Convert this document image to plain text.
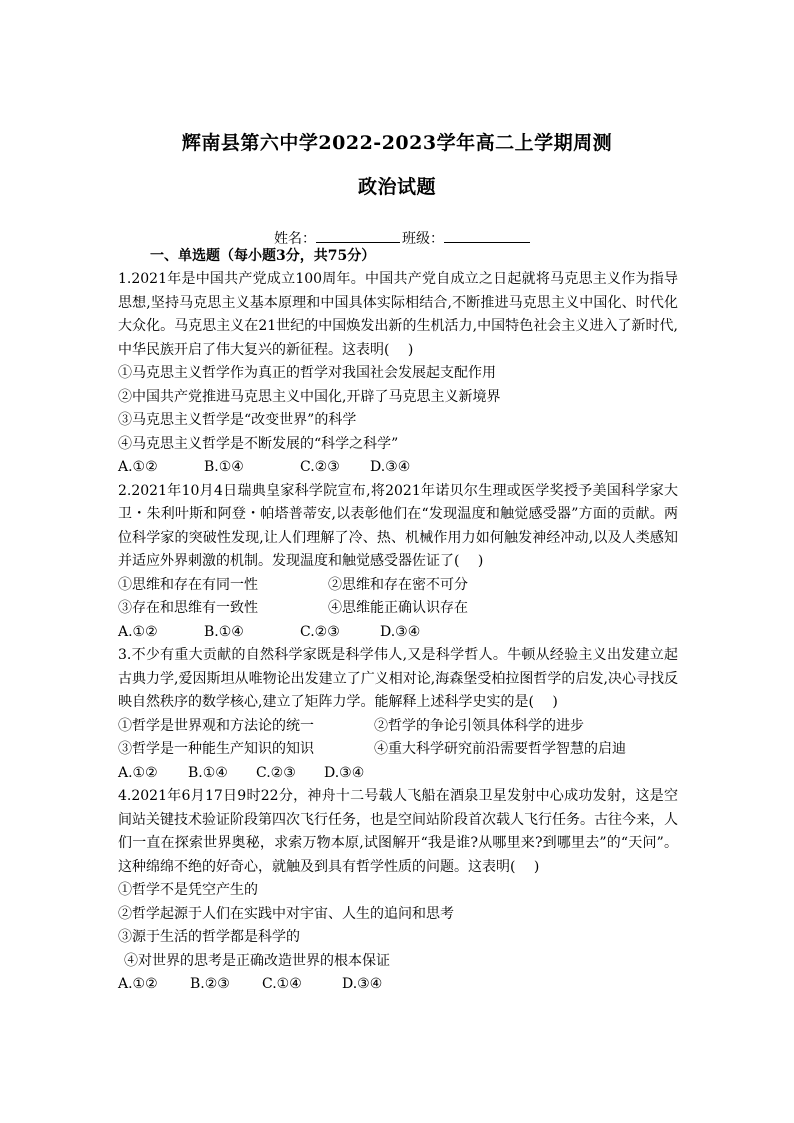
辉南县第六中学2022-2023学年高二上学期周测
政治试题
姓名：	班级：
一、单选题（每小题3分，共75分）

1.2021年是中国共产党成立100周年。中国共产党自成立之日起就将马克思主义作为指导思想,坚持马克思主义基本原理和中国具体实际相结合,不断推进马克思主义中国化、时代化大众化。马克思主义在21世纪的中国焕发出新的生机活力,中国特色社会主义进入了新时代,中华民族开启了伟大复兴的新征程。这表明(　 )

①马克思主义哲学作为真正的哲学对我国社会发展起支配作用

②中国共产党推进马克思主义中国化,开辟了马克思主义新境界

③马克思主义哲学是“改变世界”的科学

④马克思主义哲学是不断发展的“科学之科学”

A.①②	B.①④	C.②③ D.③④

2.2021年10月4日瑞典皇家科学院宣布,将2021年诺贝尔生理或医学奖授予美国科学家大卫・朱利叶斯和阿登・帕塔普蒂安,以表彰他们在“发现温度和触觉感受器”方面的贡献。两位科学家的突破性发现,让人们理解了冷、热、机械作用力如何触发神经冲动,以及人类感知并适应外界刺激的机制。发现温度和触觉感受器佐证了(　 )

①思维和存在有同一性	②思维和存在密不可分

③存在和思维有一致性	④思维能正确认识存在

A.①②	B.①④	C.②③	D.③④

3.不少有重大贡献的自然科学家既是科学伟人,又是科学哲人。牛顿从经验主义出发建立起古典力学,爱因斯坦从唯物论出发建立了广义相对论,海森堡受柏拉图哲学的启发,决心寻找反映自然秩序的数学核心,建立了矩阵力学。能解释上述科学史实的是(　 )

①哲学是世界观和方法论的统一	②哲学的争论引领具体科学的进步

③哲学是一种能生产知识的知识	④重大科学研究前沿需要哲学智慧的启迪

A.①② B.①④ C.②③ D.③④

4.2021年6月17日9时22分，神舟十二号载人飞船在酒泉卫星发射中心成功发射，这是空间站关键技术验证阶段第四次飞行任务，也是空间站阶段首次载人飞行任务。古往今来，人们一直在探索世界奥秘，求索万物本原,试图解开“我是谁?从哪里来?到哪里去”的“天问”。这种绵绵不绝的好奇心，就触及到具有哲学性质的问题。这表明(　 )

①哲学不是凭空产生的

②哲学起源于人们在实践中对宇宙、人生的追问和思考

③源于生活的哲学都是科学的

④对世界的思考是正确改造世界的根本保证

A.①② B.②③ C.①④	D.③④
